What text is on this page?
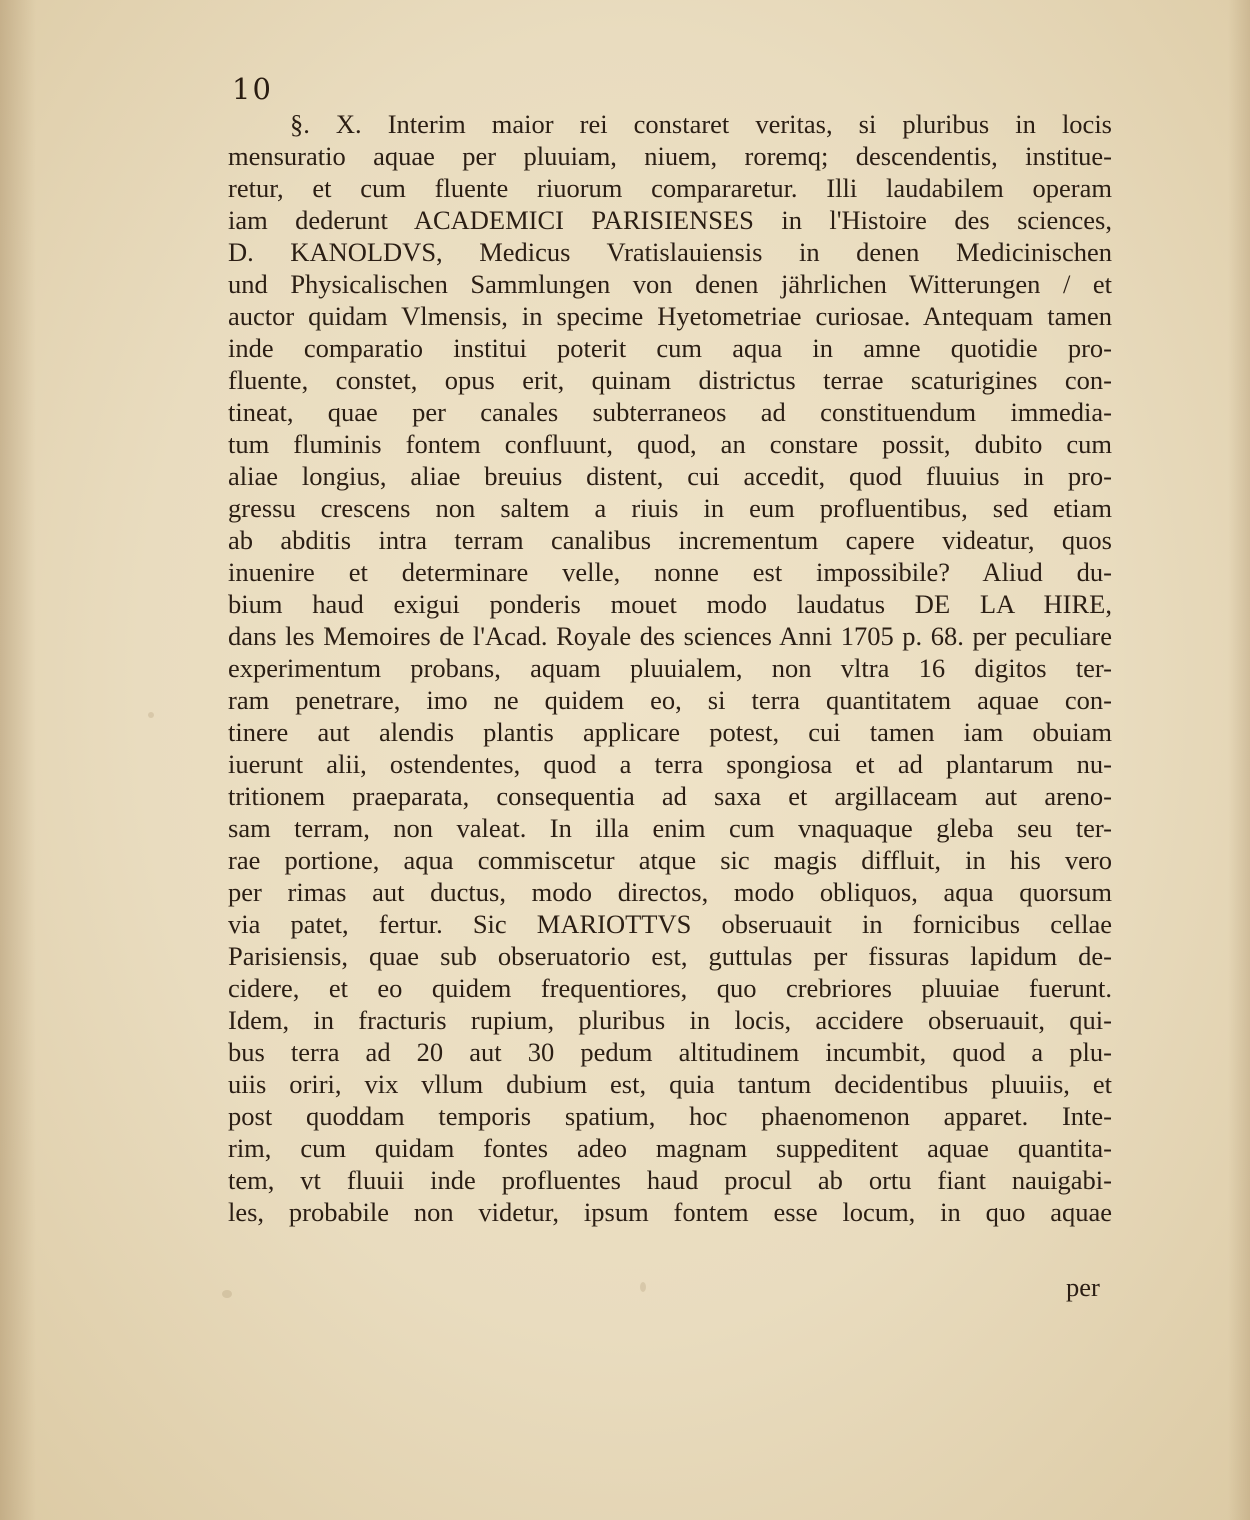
10
§. X. Interim maior rei constaret veritas, si pluribus in locis
mensuratio aquae per pluuiam, niuem, roremq; descendentis, institue-
retur, et cum fluente riuorum compararetur. Illi laudabilem operam
iam dederunt ACADEMICI PARISIENSES in l'Histoire des sciences,
D. KANOLDVS, Medicus Vratislauiensis in denen Medicinischen
und Physicalischen Sammlungen von denen jährlichen Witterungen / et
auctor quidam Vlmensis, in specime Hyetometriae curiosae. Antequam tamen
inde comparatio institui poterit cum aqua in amne quotidie pro-
fluente, constet, opus erit, quinam districtus terrae scaturigines con-
tineat, quae per canales subterraneos ad constituendum immedia-
tum fluminis fontem confluunt, quod, an constare possit, dubito cum
aliae longius, aliae breuius distent, cui accedit, quod fluuius in pro-
gressu crescens non saltem a riuis in eum profluentibus, sed etiam
ab abditis intra terram canalibus incrementum capere videatur, quos
inuenire et determinare velle, nonne est impossibile? Aliud du-
bium haud exigui ponderis mouet modo laudatus DE LA HIRE,
dans les Memoires de l'Acad. Royale des sciences Anni 1705 p. 68. per peculiare
experimentum probans, aquam pluuialem, non vltra 16 digitos ter-
ram penetrare, imo ne quidem eo, si terra quantitatem aquae con-
tinere aut alendis plantis applicare potest, cui tamen iam obuiam
iuerunt alii, ostendentes, quod a terra spongiosa et ad plantarum nu-
tritionem praeparata, consequentia ad saxa et argillaceam aut areno-
sam terram, non valeat. In illa enim cum vnaquaque gleba seu ter-
rae portione, aqua commiscetur atque sic magis diffluit, in his vero
per rimas aut ductus, modo directos, modo obliquos, aqua quorsum
via patet, fertur. Sic MARIOTTVS obseruauit in fornicibus cellae
Parisiensis, quae sub obseruatorio est, guttulas per fissuras lapidum de-
cidere, et eo quidem frequentiores, quo crebriores pluuiae fuerunt.
Idem, in fracturis rupium, pluribus in locis, accidere obseruauit, qui-
bus terra ad 20 aut 30 pedum altitudinem incumbit, quod a plu-
uiis oriri, vix vllum dubium est, quia tantum decidentibus pluuiis, et
post quoddam temporis spatium, hoc phaenomenon apparet. Inte-
rim, cum quidam fontes adeo magnam suppeditent aquae quantita-
tem, vt fluuii inde profluentes haud procul ab ortu fiant nauigabi-
les, probabile non videtur, ipsum fontem esse locum, in quo aquae
per
